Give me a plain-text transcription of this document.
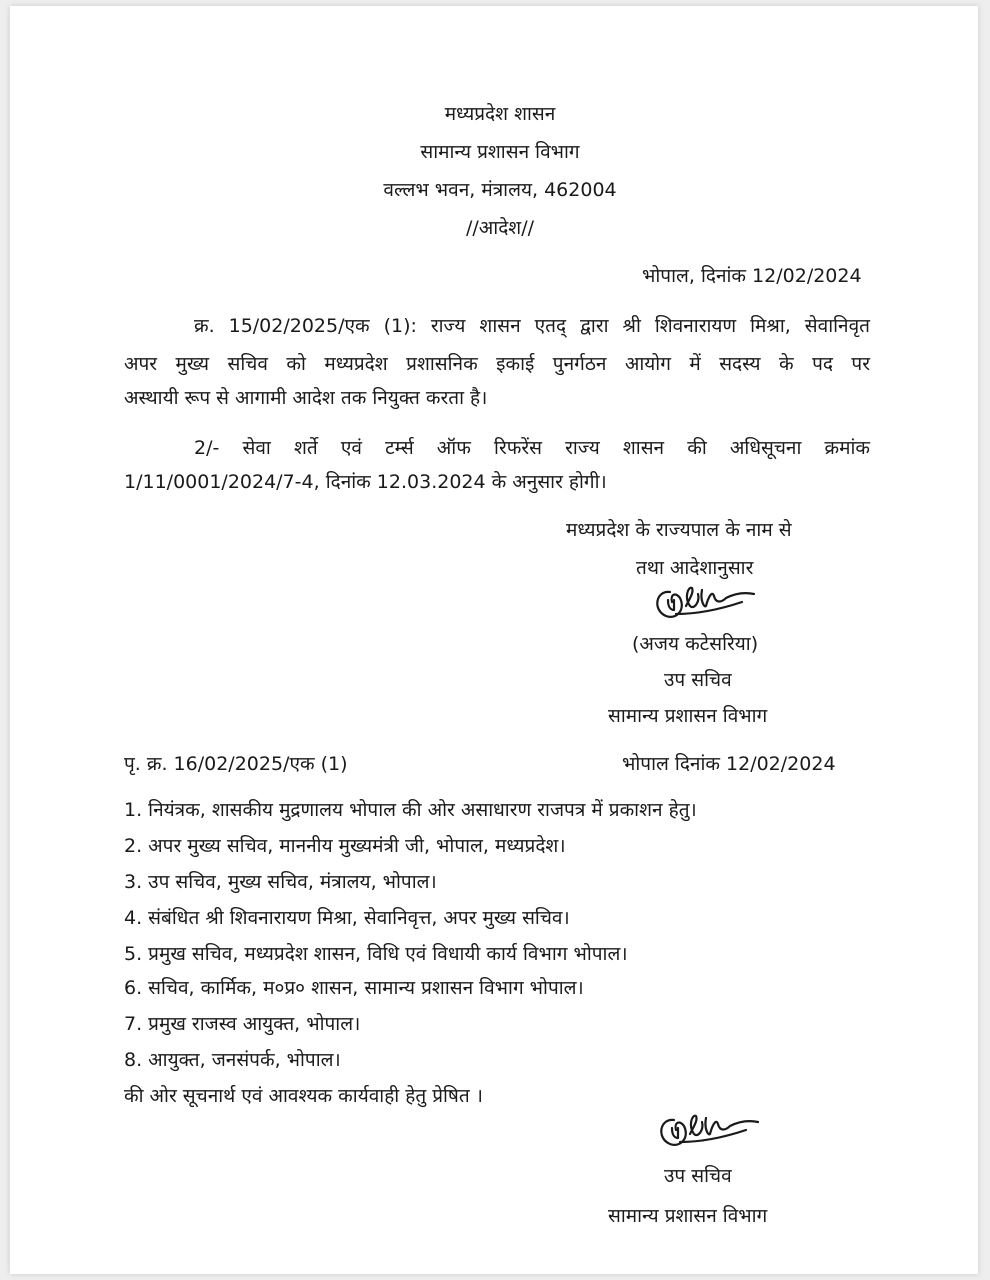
मध्यप्रदेश शासन
सामान्य प्रशासन विभाग
वल्लभ भवन, मंत्रालय, 462004
//आदेश//
भोपाल, दिनांक 12/02/2024
क्र. 15/02/2025/एक (1): राज्य शासन एतद् द्वारा श्री शिवनारायण मिश्रा, सेवानिवृत
अपर मुख्य सचिव को मध्यप्रदेश प्रशासनिक इकाई पुनर्गठन आयोग में सदस्य के पद पर
अस्थायी रूप से आगामी आदेश तक नियुक्त करता है।
2/- सेवा शर्ते एवं टर्म्स ऑफ रिफरेंस राज्य शासन की अधिसूचना क्रमांक
1/11/0001/2024/7-4, दिनांक 12.03.2024 के अनुसार होगी।
मध्यप्रदेश के राज्यपाल के नाम से
तथा आदेशानुसार
(अजय कटेसरिया)
उप सचिव
सामान्य प्रशासन विभाग
पृ. क्र. 16/02/2025/एक (1)	भोपाल दिनांक 12/02/2024
1. नियंत्रक, शासकीय मुद्रणालय भोपाल की ओर असाधारण राजपत्र में प्रकाशन हेतु।
2. अपर मुख्य सचिव, माननीय मुख्यमंत्री जी, भोपाल, मध्यप्रदेश।
3. उप सचिव, मुख्य सचिव, मंत्रालय, भोपाल।
4. संबंधित श्री शिवनारायण मिश्रा, सेवानिवृत्त, अपर मुख्य सचिव।
5. प्रमुख सचिव, मध्यप्रदेश शासन, विधि एवं विधायी कार्य विभाग भोपाल।
6. सचिव, कार्मिक, म०प्र० शासन, सामान्य प्रशासन विभाग भोपाल।
7. प्रमुख राजस्व आयुक्त, भोपाल।
8. आयुक्त, जनसंपर्क, भोपाल।
की ओर सूचनार्थ एवं आवश्यक कार्यवाही हेतु प्रेषित ।
उप सचिव
सामान्य प्रशासन विभाग
